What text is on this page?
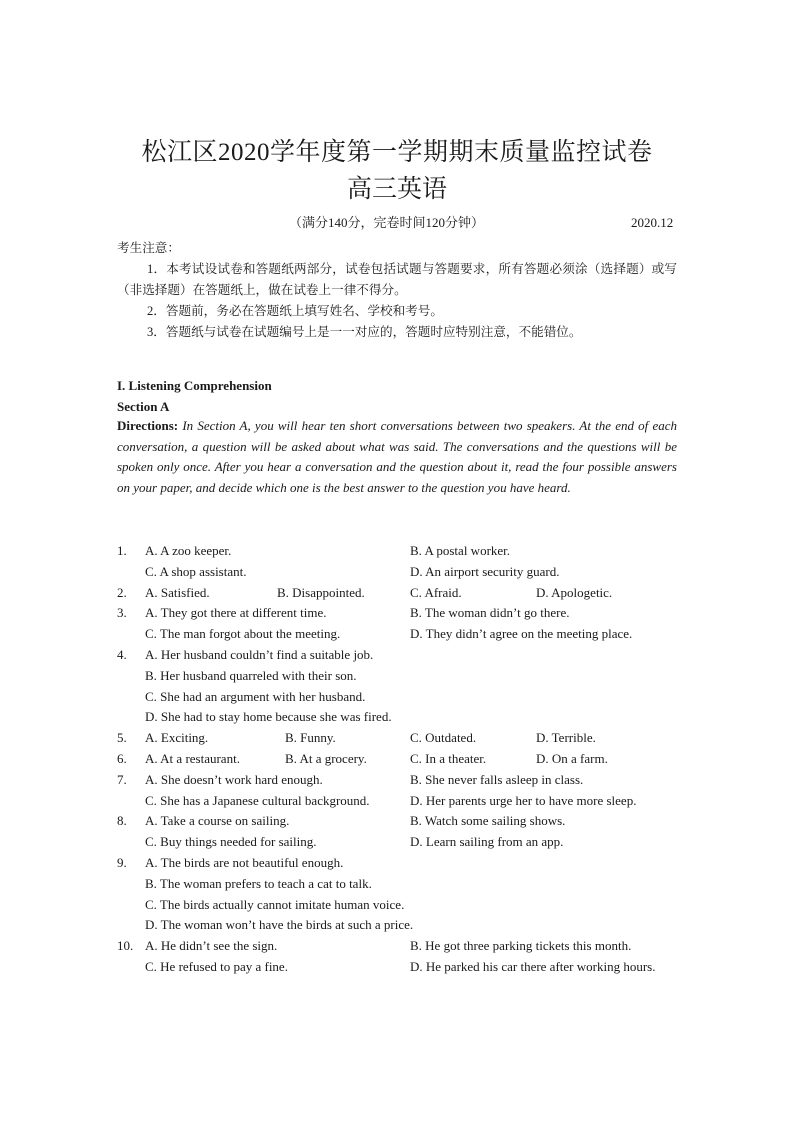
松江区2020学年度第一学期期末质量监控试卷
高三英语
（满分140分，完卷时间120分钟）	2020.12
考生注意：

1．本考试设试卷和答题纸两部分，试卷包括试题与答题要求，所有答题必须涂（选择题）或写（非选择题）在答题纸上，做在试卷上一律不得分。

2．答题前，务必在答题纸上填写姓名、学校和考号。

3．答题纸与试卷在试题编号上是一一对应的，答题时应特别注意，不能错位。

I. Listening Comprehension
Section A
Directions: In Section A, you will hear ten short conversations between two speakers. At the end of each conversation, a question will be asked about what was said. The conversations and the questions will be spoken only once. After you hear a conversation and the question about it, read the four possible answers on your paper, and decide which one is the best answer to the question you have heard.
1. A. A zoo keeper.	B. A postal worker.
C. A shop assistant.	D. An airport security guard.
2. A. Satisfied.	B. Disappointed.	C. Afraid.	D. Apologetic.
3. A. They got there at different time.	B. The woman didn’t go there.
C. The man forgot about the meeting.	D. They didn’t agree on the meeting place.
4. A. Her husband couldn’t find a suitable job.
B. Her husband quarreled with their son.
C. She had an argument with her husband.
D. She had to stay home because she was fired.
5. A. Exciting.	B. Funny.	C. Outdated.	D. Terrible.
6. A. At a restaurant.	B. At a grocery.	C. In a theater.	D. On a farm.
7. A. She doesn’t work hard enough.	B. She never falls asleep in class.
C. She has a Japanese cultural background.	D. Her parents urge her to have more sleep.
8. A. Take a course on sailing.	B. Watch some sailing shows.
C. Buy things needed for sailing.	D. Learn sailing from an app.
9. A. The birds are not beautiful enough.
B. The woman prefers to teach a cat to talk.
C. The birds actually cannot imitate human voice.
D. The woman won’t have the birds at such a price.
10. A. He didn’t see the sign.	B. He got three parking tickets this month.
C. He refused to pay a fine.	D. He parked his car there after working hours.
